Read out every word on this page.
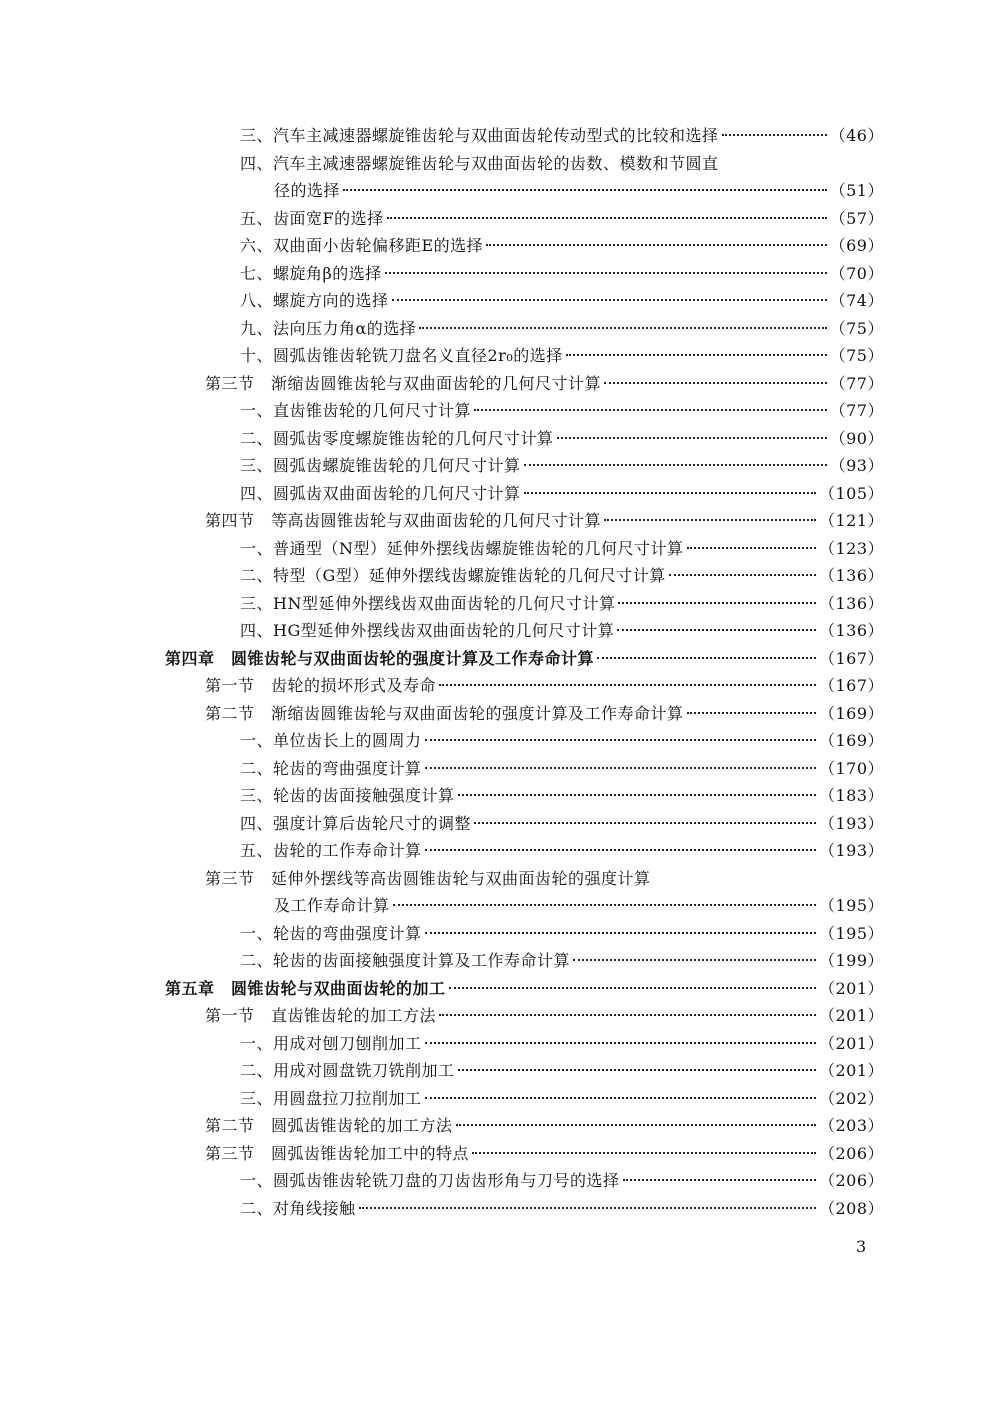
三、汽车主减速器螺旋锥齿轮与双曲面齿轮传动型式的比较和选择	（46）
四、汽车主减速器螺旋锥齿轮与双曲面齿轮的齿数、模数和节圆直
径的选择	（51）
五、齿面宽F的选择	（57）
六、双曲面小齿轮偏移距E的选择	（69）
七、螺旋角β的选择	（70）
八、螺旋方向的选择	（74）
九、法向压力角α的选择	（75）
十、圆弧齿锥齿轮铣刀盘名义直径2r₀的选择	（75）
第三节　渐缩齿圆锥齿轮与双曲面齿轮的几何尺寸计算	（77）
一、直齿锥齿轮的几何尺寸计算	（77）
二、圆弧齿零度螺旋锥齿轮的几何尺寸计算	（90）
三、圆弧齿螺旋锥齿轮的几何尺寸计算	（93）
四、圆弧齿双曲面齿轮的几何尺寸计算	（105）
第四节　等高齿圆锥齿轮与双曲面齿轮的几何尺寸计算	（121）
一、普通型（N型）延伸外摆线齿螺旋锥齿轮的几何尺寸计算	（123）
二、特型（G型）延伸外摆线齿螺旋锥齿轮的几何尺寸计算	（136）
三、HN型延伸外摆线齿双曲面齿轮的几何尺寸计算	（136）
四、HG型延伸外摆线齿双曲面齿轮的几何尺寸计算	（136）
第四章　圆锥齿轮与双曲面齿轮的强度计算及工作寿命计算	（167）
第一节　齿轮的损坏形式及寿命	（167）
第二节　渐缩齿圆锥齿轮与双曲面齿轮的强度计算及工作寿命计算	（169）
一、单位齿长上的圆周力	（169）
二、轮齿的弯曲强度计算	（170）
三、轮齿的齿面接触强度计算	（183）
四、强度计算后齿轮尺寸的调整	（193）
五、齿轮的工作寿命计算	（193）
第三节　延伸外摆线等高齿圆锥齿轮与双曲面齿轮的强度计算
及工作寿命计算	（195）
一、轮齿的弯曲强度计算	（195）
二、轮齿的齿面接触强度计算及工作寿命计算	（199）
第五章　圆锥齿轮与双曲面齿轮的加工	（201）
第一节　直齿锥齿轮的加工方法	（201）
一、用成对刨刀刨削加工	（201）
二、用成对圆盘铣刀铣削加工	（201）
三、用圆盘拉刀拉削加工	（202）
第二节　圆弧齿锥齿轮的加工方法	（203）
第三节　圆弧齿锥齿轮加工中的特点	（206）
一、圆弧齿锥齿轮铣刀盘的刀齿齿形角与刀号的选择	（206）
二、对角线接触	（208）
3
